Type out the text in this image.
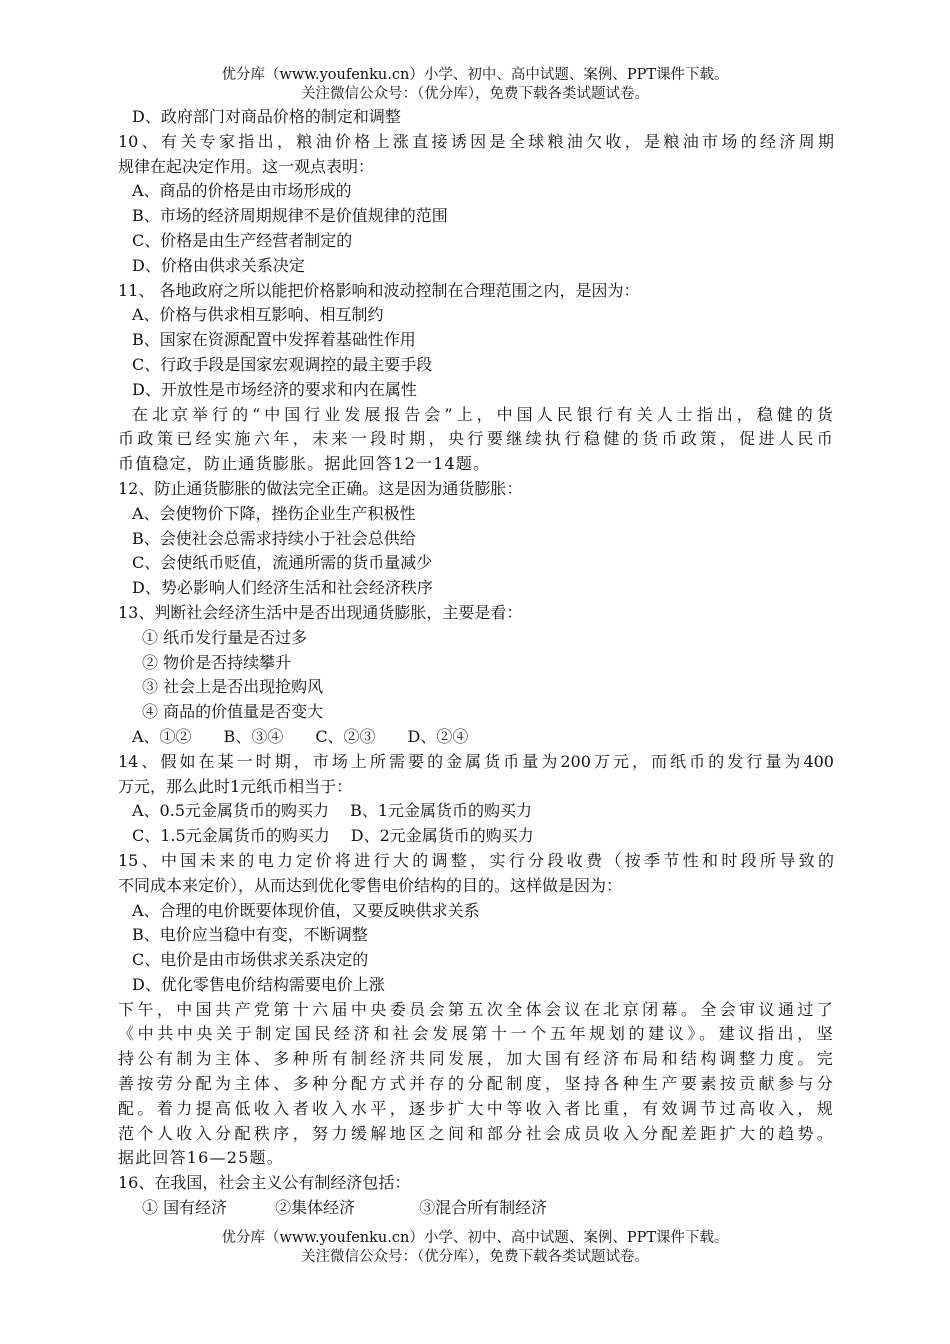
优分库（www.youfenku.cn）小学、初中、高中试题、案例、PPT课件下载。
关注微信公众号：（优分库），免费下载各类试题试卷。
D、政府部门对商品价格的制定和调整
10、有关专家指出，粮油价格上涨直接诱因是全球粮油欠收，是粮油市场的经济周期
规律在起决定作用。这一观点表明：
A、商品的价格是由市场形成的
B、市场的经济周期规律不是价值规律的范围
C、价格是由生产经营者制定的
D、价格由供求关系决定
11、 各地政府之所以能把价格影响和波动控制在合理范围之内，是因为：
A、价格与供求相互影响、相互制约
B、国家在资源配置中发挥着基础性作用
C、行政手段是国家宏观调控的最主要手段
D、开放性是市场经济的要求和内在属性
在北京举行的“中国行业发展报告会”上，中国人民银行有关人士指出，稳健的货
币政策已经实施六年，未来一段时期，央行要继续执行稳健的货币政策，促进人民币
币值稳定，防止通货膨胀。据此回答12一14题。
12、防止通货膨胀的做法完全正确。这是因为通货膨胀：
A、会使物价下降，挫伤企业生产积极性
B、会使社会总需求持续小于社会总供给
C、会使纸币贬值，流通所需的货币量减少
D、势必影响人们经济生活和社会经济秩序
13、判断社会经济生活中是否出现通货膨胀，主要是看：
① 纸币发行量是否过多
② 物价是否持续攀升
③ 社会上是否出现抢购风
④ 商品的价值量是否变大
A、①②　　B、③④　　C、②③　　D、②④
14、假如在某一时期，市场上所需要的金属货币量为200万元，而纸币的发行量为400
万元，那么此时1元纸币相当于：
A、0.5元金属货币的购买力　 B、1元金属货币的购买力
C、1.5元金属货币的购买力　 D、2元金属货币的购买力
15、中国未来的电力定价将进行大的调整，实行分段收费（按季节性和时段所导致的
不同成本来定价），从而达到优化零售电价结构的目的。这样做是因为：
A、合理的电价既要体现价值，又要反映供求关系
B、电价应当稳中有变，不断调整
C、电价是由市场供求关系决定的
D、优化零售电价结构需要电价上涨
下午，中国共产党第十六届中央委员会第五次全体会议在北京闭幕。全会审议通过了
《中共中央关于制定国民经济和社会发展第十一个五年规划的建议》。建议指出，坚
持公有制为主体、多种所有制经济共同发展，加大国有经济布局和结构调整力度。完
善按劳分配为主体、多种分配方式并存的分配制度，坚持各种生产要素按贡献参与分
配。着力提高低收入者收入水平，逐步扩大中等收入者比重，有效调节过高收入，规
范个人收入分配秩序，努力缓解地区之间和部分社会成员收入分配差距扩大的趋势。
据此回答16—25题。
16、在我国，社会主义公有制经济包括：
① 国有经济　　　②集体经济　　　　③混合所有制经济
优分库（www.youfenku.cn）小学、初中、高中试题、案例、PPT课件下载。
关注微信公众号：（优分库），免费下载各类试题试卷。
